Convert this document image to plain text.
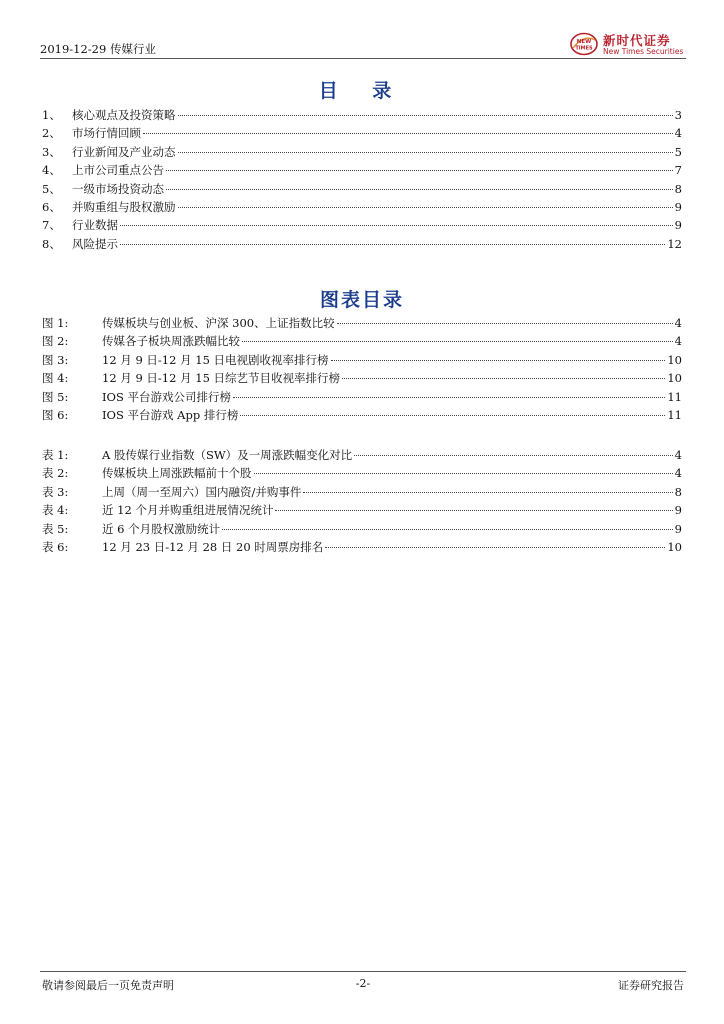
2019-12-29 传媒行业	NEW
TIMES
新时代证券
New Times Securities
目 录
1、 核心观点及投资策略	3
2、 市场行情回顾	4
3、 行业新闻及产业动态	5
4、 上市公司重点公告	7
5、 一级市场投资动态	8
6、 并购重组与股权激励	9
7、 行业数据	9
8、 风险提示	12
图表目录
图 1:	传媒板块与创业板、沪深 300、上证指数比较	4
图 2:	传媒各子板块周涨跌幅比较	4
图 3:	12 月 9 日-12 月 15 日电视剧收视率排行榜	10
图 4:	12 月 9 日-12 月 15 日综艺节目收视率排行榜	10
图 5:	IOS 平台游戏公司排行榜	11
图 6:	IOS 平台游戏 App 排行榜	11
表 1:	A 股传媒行业指数（SW）及一周涨跌幅变化对比	4
表 2:	传媒板块上周涨跌幅前十个股	4
表 3:	上周（周一至周六）国内融资/并购事件	8
表 4:	近 12 个月并购重组进展情况统计	9
表 5:	近 6 个月股权激励统计	9
表 6:	12 月 23 日-12 月 28 日 20 时周票房排名	10
敬请参阅最后一页免责声明	-2-	证券研究报告
